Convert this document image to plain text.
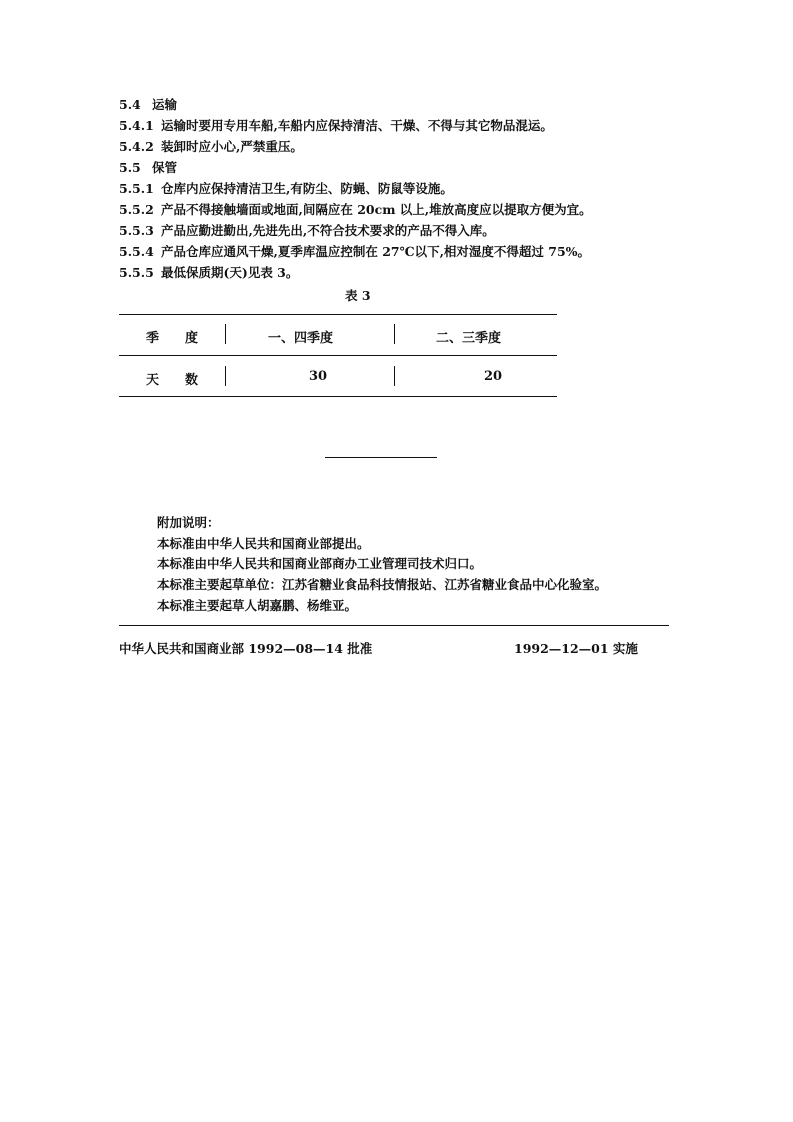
5.4 运输
5.4.1 运输时要用专用车船,车船内应保持清洁、干燥、不得与其它物品混运。
5.4.2 装卸时应小心,严禁重压。
5.5 保管
5.5.1 仓库内应保持清洁卫生,有防尘、防蝇、防鼠等设施。
5.5.2 产品不得接触墙面或地面,间隔应在 20cm 以上,堆放高度应以提取方便为宜。
5.5.3 产品应勤进勤出,先进先出,不符合技术要求的产品不得入库。
5.5.4 产品仓库应通风干燥,夏季库温应控制在 27℃以下,相对湿度不得超过 75%。
5.5.5 最低保质期(天)见表 3。
表 3
季　　度	一、四季度	二、三季度
天　　数	30	20
附加说明：
本标准由中华人民共和国商业部提出。
本标准由中华人民共和国商业部商办工业管理司技术归口。
本标准主要起草单位：江苏省糖业食品科技情报站、江苏省糖业食品中心化验室。
本标准主要起草人胡嘉鹏、杨维亚。
中华人民共和国商业部 1992—08—14 批准	1992—12—01 实施
